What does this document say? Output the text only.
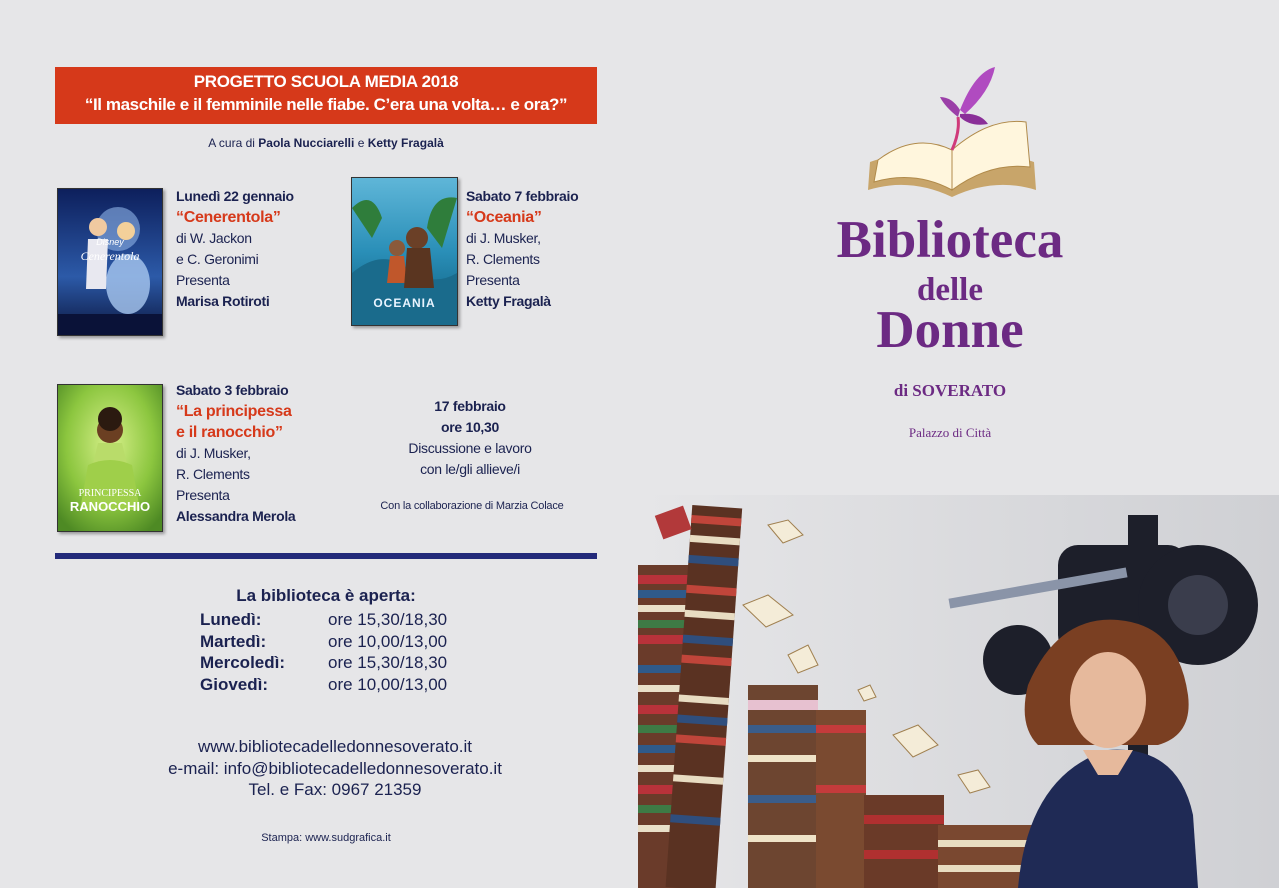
PROGETTO SCUOLA MEDIA 2018
“Il maschile e il femminile nelle fiabe. C’era una volta… e ora?”
A cura di Paola Nucciarelli e Ketty Fragalà
Disney
Cenerentola
Lunedì 22 gennaio
“Cenerentola”
di W. Jackon
e C. Geronimi
Presenta
Marisa Rotiroti	OCEANIA
Sabato 7 febbraio
“Oceania”
di J. Musker,
R. Clements
Presenta
Ketty Fragalà
PRINCIPESSA
RANOCCHIO
Sabato 3 febbraio
“La principessa
e il ranocchio”
di J. Musker,
R. Clements
Presenta
Alessandra Merola
17 febbraio
ore 10,30
Discussione e lavoro
con le/gli allieve/i
Con la collaborazione di Marzia Colace
La biblioteca è aperta:
Lunedì:	ore 15,30/18,30
Martedì:	ore 10,00/13,00
Mercoledì:	ore 15,30/18,30
Giovedì:	ore 10,00/13,00
www.bibliotecadelledonnesoverato.it
e-mail: info@bibliotecadelledonnesoverato.it
Tel. e Fax: 0967 21359
Stampa: www.sudgrafica.it
Biblioteca
delle
Donne
di SOVERATO
Palazzo di Città
